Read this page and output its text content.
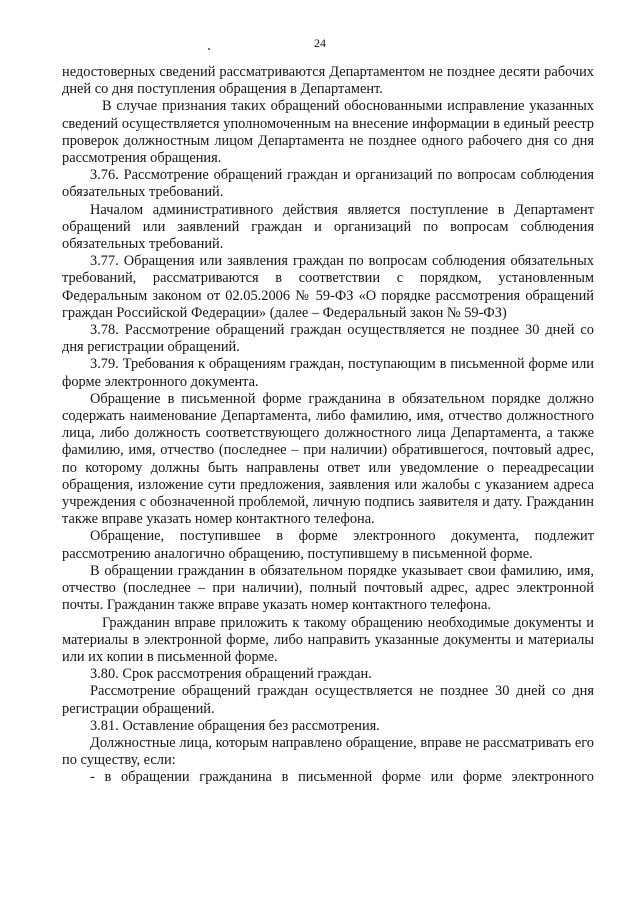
24

недостоверных сведений рассматриваются Департаментом не позднее десяти рабочих дней со дня поступления обращения в Департамент.

В случае признания таких обращений обоснованными исправление указанных сведений осуществляется уполномоченным на внесение информации в единый реестр проверок должностным лицом Департамента не позднее одного рабочего дня со дня рассмотрения обращения.

3.76. Рассмотрение обращений граждан и организаций по вопросам соблюдения обязательных требований.

Началом административного действия является поступление в Департамент обращений или заявлений граждан и организаций по вопросам соблюдения обязательных требований.

3.77. Обращения или заявления граждан по вопросам соблюдения обязательных требований, рассматриваются в соответствии с порядком, установленным Федеральным законом от 02.05.2006 № 59-ФЗ «О порядке рассмотрения обращений граждан Российской Федерации» (далее – Федеральный закон № 59-ФЗ)

3.78. Рассмотрение обращений граждан осуществляется не позднее 30 дней со дня регистрации обращений.

3.79. Требования к обращениям граждан, поступающим в письменной форме или форме электронного документа.

Обращение в письменной форме гражданина в обязательном порядке должно содержать наименование Департамента, либо фамилию, имя, отчество должностного лица, либо должность соответствующего должностного лица Департамента, а также фамилию, имя, отчество (последнее – при наличии) обратившегося, почтовый адрес, по которому должны быть направлены ответ или уведомление о переадресации обращения, изложение сути предложения, заявления или жалобы с указанием адреса учреждения с обозначенной проблемой, личную подпись заявителя и дату. Гражданин также вправе указать номер контактного телефона.

Обращение, поступившее в форме электронного документа, подлежит рассмотрению аналогично обращению, поступившему в письменной форме.

В обращении гражданин в обязательном порядке указывает свои фамилию, имя, отчество (последнее – при наличии), полный почтовый адрес, адрес электронной почты. Гражданин также вправе указать номер контактного телефона.

Гражданин вправе приложить к такому обращению необходимые документы и материалы в электронной форме, либо направить указанные документы и материалы или их копии в письменной форме.

3.80. Срок рассмотрения обращений граждан.

Рассмотрение обращений граждан осуществляется не позднее 30 дней со дня регистрации обращений.

3.81. Оставление обращения без рассмотрения.

Должностные лица, которым направлено обращение, вправе не рассматривать его по существу, если:

- в обращении гражданина в письменной форме или форме электронного
